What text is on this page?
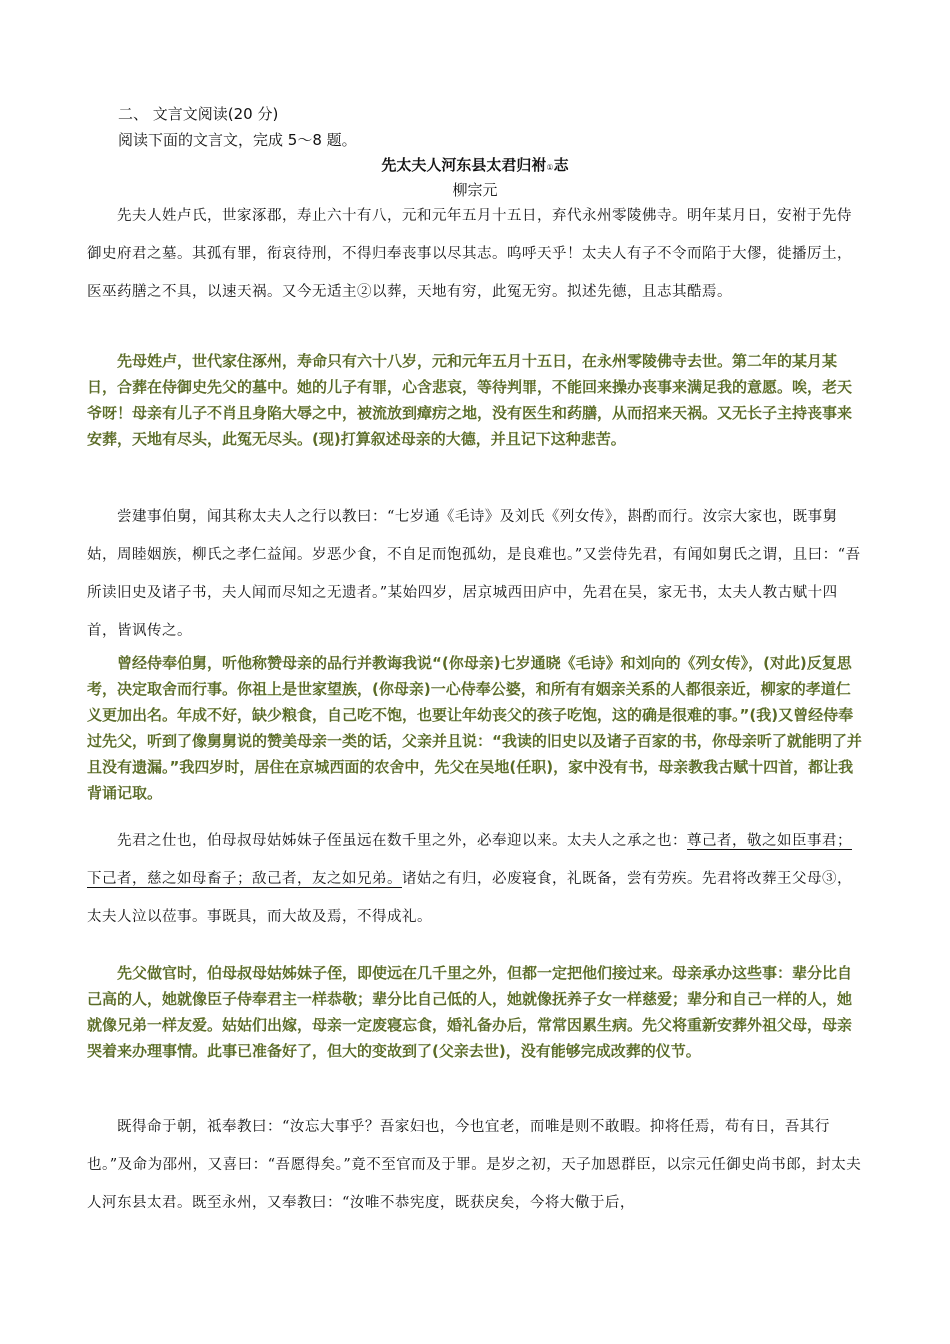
二、 文言文阅读(20 分)
阅读下面的文言文，完成 5～8 题。
先太夫人河东县太君归祔①志
柳宗元

先夫人姓卢氏，世家涿郡，寿止六十有八，元和元年五月十五日，弃代永州零陵佛寺。明年某月日，安祔于先侍御史府君之墓。其孤有罪，衔哀待刑，不得归奉丧事以尽其志。呜呼天乎！太夫人有子不令而陷于大僇，徙播厉土，医巫药膳之不具，以速天祸。又今无适主②以葬，天地有穷，此冤无穷。拟述先德，且志其酷焉。

先母姓卢，世代家住涿州，寿命只有六十八岁，元和元年五月十五日，在永州零陵佛寺去世。第二年的某月某日，合葬在侍御史先父的墓中。她的儿子有罪，心含悲哀，等待判罪，不能回来操办丧事来满足我的意愿。唉，老天爷呀！母亲有儿子不肖且身陷大辱之中，被流放到瘴疠之地，没有医生和药膳，从而招来天祸。又无长子主持丧事来安葬，天地有尽头，此冤无尽头。(现)打算叙述母亲的大德，并且记下这种悲苦。

尝建事伯舅，闻其称太夫人之行以教曰：“七岁通《毛诗》及刘氏《列女传》，斟酌而行。汝宗大家也，既事舅姑，周睦姻族，柳氏之孝仁益闻。岁恶少食，不自足而饱孤幼，是良难也。”又尝侍先君，有闻如舅氏之谓，且曰：“吾所读旧史及诸子书，夫人闻而尽知之无遗者。”某始四岁，居京城西田庐中，先君在吴，家无书，太夫人教古赋十四首，皆讽传之。

曾经侍奉伯舅，听他称赞母亲的品行并教诲我说“(你母亲)七岁通晓《毛诗》和刘向的《列女传》，(对此)反复思考，决定取舍而行事。你祖上是世家望族，(你母亲)一心侍奉公婆，和所有有姻亲关系的人都很亲近，柳家的孝道仁义更加出名。年成不好，缺少粮食，自己吃不饱，也要让年幼丧父的孩子吃饱，这的确是很难的事。”(我)又曾经侍奉过先父，听到了像舅舅说的赞美母亲一类的话，父亲并且说：“我读的旧史以及诸子百家的书，你母亲听了就能明了并且没有遗漏。”我四岁时，居住在京城西面的农舍中，先父在吴地(任职)，家中没有书，母亲教我古赋十四首，都让我背诵记取。

先君之仕也，伯母叔母姑姊妹子侄虽远在数千里之外，必奉迎以来。太夫人之承之也：尊己者，敬之如臣事君；下己者，慈之如母畜子；敌己者，友之如兄弟。诸姑之有归，必废寝食，礼既备，尝有劳疾。先君将改葬王父母③，太夫人泣以莅事。事既具，而大故及焉，不得成礼。

先父做官时，伯母叔母姑姊妹子侄，即使远在几千里之外，但都一定把他们接过来。母亲承办这些事：辈分比自己高的人，她就像臣子侍奉君主一样恭敬；辈分比自己低的人，她就像抚养子女一样慈爱；辈分和自己一样的人，她就像兄弟一样友爱。姑姑们出嫁，母亲一定废寝忘食，婚礼备办后，常常因累生病。先父将重新安葬外祖父母，母亲哭着来办理事情。此事已准备好了，但大的变故到了(父亲去世)，没有能够完成改葬的仪节。

既得命于朝，祗奉教曰：“汝忘大事乎？吾家妇也，今也宜老，而唯是则不敢暇。抑将任焉，苟有日，吾其行也。”及命为邵州，又喜曰：“吾愿得矣。”竟不至官而及于罪。是岁之初，天子加恩群臣，以宗元任御史尚书郎，封太夫人河东县太君。既至永州，又奉教曰：“汝唯不恭宪度，既获戾矣，今将大儆于后，
